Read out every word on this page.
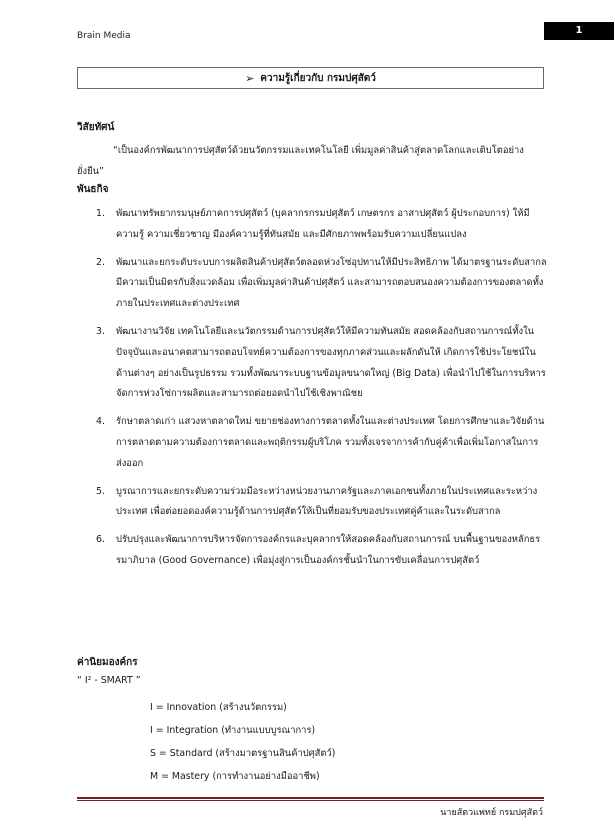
Brain Media	1
➢ ความรู้เกี่ยวกับ กรมปศุสัตว์
วิสัยทัศน์
“เป็นองค์กรพัฒนาการปศุสัตว์ด้วยนวัตกรรมและเทคโนโลยี เพิ่มมูลค่าสินค้าสู่ตลาดโลกและเติบโตอย่างยั่งยืน”
พันธกิจ
1. พัฒนาทรัพยากรมนุษย์ภาคการปศุสัตว์ (บุคลากรกรมปศุสัตว์ เกษตรกร อาสาปศุสัตว์ ผู้ประกอบการ) ให้มีความรู้ ความเชี่ยวชาญ มีองค์ความรู้ที่ทันสมัย และมีศักยภาพพร้อมรับความเปลี่ยนแปลง
2. พัฒนาและยกระดับระบบการผลิตสินค้าปศุสัตว์ตลอดห่วงโซ่อุปทานให้มีประสิทธิภาพ ได้มาตรฐานระดับสากล มีความเป็นมิตรกับสิ่งแวดล้อม เพื่อเพิ่มมูลค่าสินค้าปศุสัตว์ และสามารถตอบสนองความต้องการของตลาดทั้งภายในประเทศและต่างประเทศ
3. พัฒนางานวิจัย เทคโนโลยีและนวัตกรรมด้านการปศุสัตว์ให้มีความทันสมัย สอดคล้องกับสถานการณ์ทั้งในปัจจุบันและอนาคตสามารถตอบโจทย์ความต้องการของทุกภาคส่วนและผลักดันให้ เกิดการใช้ประโยชน์ในด้านต่างๆ อย่างเป็นรูปธรรม รวมทั้งพัฒนาระบบฐานข้อมูลขนาดใหญ่ (Big Data) เพื่อนำไปใช้ในการบริหารจัดการห่วงโซ่การผลิตและสามารถต่อยอดนำไปใช้เชิงพาณิชย
4. รักษาตลาดเก่า แสวงหาตลาดใหม่ ขยายช่องทางการตลาดทั้งในและต่างประเทศ โดยการศึกษาและวิจัยด้านการตลาดตามความต้องการตลาดและพฤติกรรมผู้บริโภค รวมทั้งเจรจาการค้ากับคู่ค้าเพื่อเพิ่มโอกาสในการส่งออก
5. บูรณาการและยกระดับความร่วมมือระหว่างหน่วยงานภาครัฐและภาคเอกชนทั้งภายในประเทศและระหว่างประเทศ เพื่อต่อยอดองค์ความรู้ด้านการปศุสัตว์ให้เป็นที่ยอมรับของประเทศคู่ค้าและในระดับสากล
6. ปรับปรุงและพัฒนาการบริหารจัดการองค์กรและบุคลากรให้สอดคล้องกับสถานการณ์ บนพื้นฐานของหลักธรรมาภิบาล (Good Governance) เพื่อมุ่งสู่การเป็นองค์กรชั้นนำในการขับเคลื่อนการปศุสัตว์
ค่านิยมองค์กร
“ I² - SMART ”
I = Innovation (สร้างนวัตกรรม)
I = Integration (ทำงานแบบบูรณาการ)
S = Standard (สร้างมาตรฐานสินค้าปศุสัตว์)
M = Mastery (การทำงานอย่างมืออาชีพ)
นายสัตวแพทย์ กรมปศุสัตว์
